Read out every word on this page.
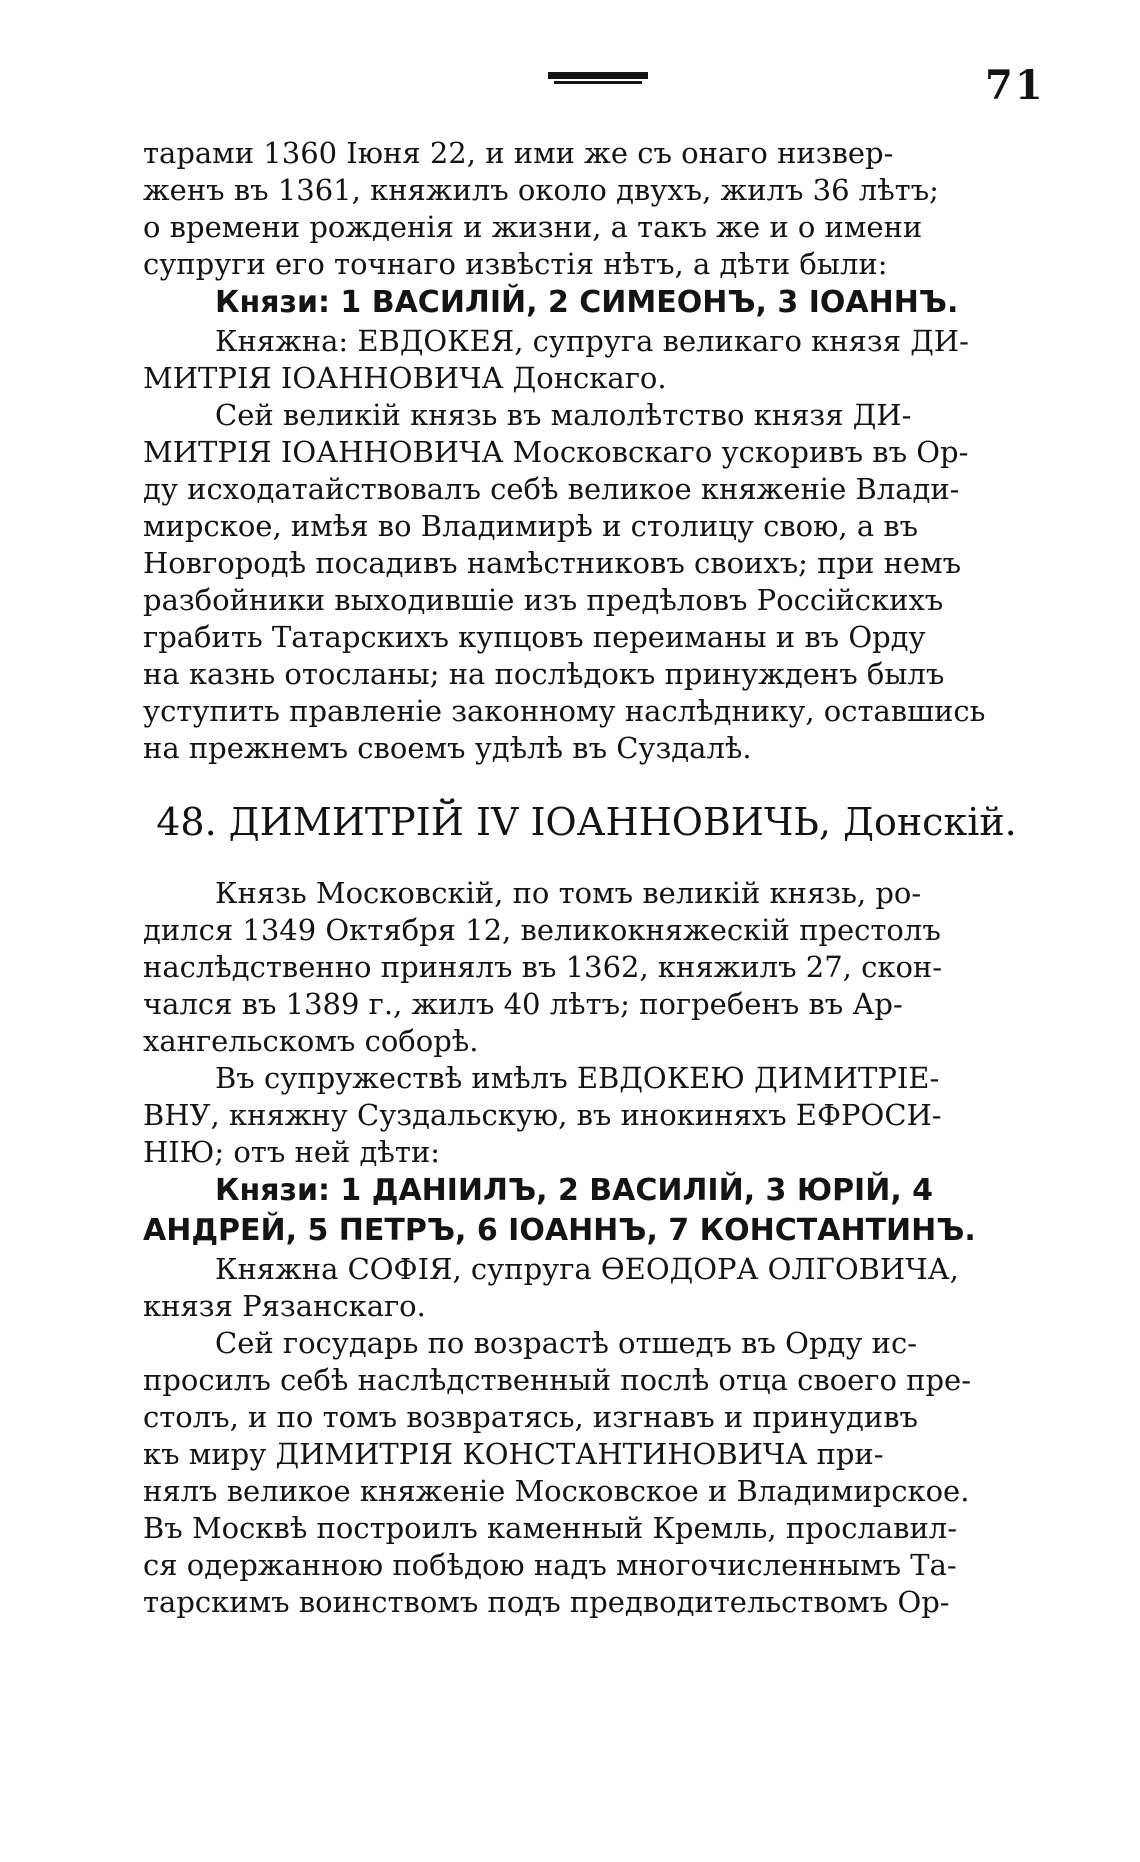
71
тарами 1360 Іюня 22, и ими же съ онаго низвер-
женъ въ 1361, княжилъ около двухъ, жилъ 36 лѣтъ;
о времени рожденія и жизни, а такъ же и о имени
супруги его точнаго извѣстія нѣтъ, а дѣти были:
Князи: 1 ВАСИЛІЙ, 2 СИМЕОНЪ, 3 ІОАННЪ.
Княжна: ЕВДОКЕЯ, супруга великаго князя ДИ-
МИТРІЯ ІОАННОВИЧА Донскаго.
Сей великій князь въ малолѣтство князя ДИ-
МИТРІЯ ІОАННОВИЧА Московскаго ускоривъ въ Ор-
ду исходатайствовалъ себѣ великое княженіе Влади-
мирское, имѣя во Владимирѣ и столицу свою, а въ
Новгородѣ посадивъ намѣстниковъ своихъ; при немъ
разбойники выходившіе изъ предѣловъ Россійскихъ
грабить Татарскихъ купцовъ переиманы и въ Орду
на казнь отосланы; на послѣдокъ принужденъ былъ
уступить правленіе законному наслѣднику, оставшись
на прежнемъ своемъ удѣлѣ въ Суздалѣ.
48. ДИМИТРІЙ IV ІОАННОВИЧЬ, Донскій.
Князь Московскій, по томъ великій князь, ро-
дился 1349 Октября 12, великокняжескій престолъ
наслѣдственно принялъ въ 1362, княжилъ 27, скон-
чался въ 1389 г., жилъ 40 лѣтъ; погребенъ въ Ар-
хангельскомъ соборѣ.
Въ супружествѣ имѣлъ ЕВДОКЕЮ ДИМИТРІЕ-
ВНУ, княжну Суздальскую, въ инокиняхъ ЕФРОСИ-
НІЮ; отъ ней дѣти:
Князи: 1 ДАНІИЛЪ, 2 ВАСИЛІЙ, 3 ЮРІЙ, 4
АНДРЕЙ, 5 ПЕТРЪ, 6 ІОАННЪ, 7 КОНСТАНТИНЪ.
Княжна СОФІЯ, супруга ѲЕОДОРА ОЛГОВИЧА,
князя Рязанскаго.
Сей государь по возрастѣ отшедъ въ Орду ис-
просилъ себѣ наслѣдственный послѣ отца своего пре-
столъ, и по томъ возвратясь, изгнавъ и принудивъ
къ миру ДИМИТРІЯ КОНСТАНТИНОВИЧА при-
нялъ великое княженіе Московское и Владимирское.
Въ Москвѣ построилъ каменный Кремль, прославил-
ся одержанною побѣдою надъ многочисленнымъ Та-
тарскимъ воинствомъ подъ предводительствомъ Ор-
